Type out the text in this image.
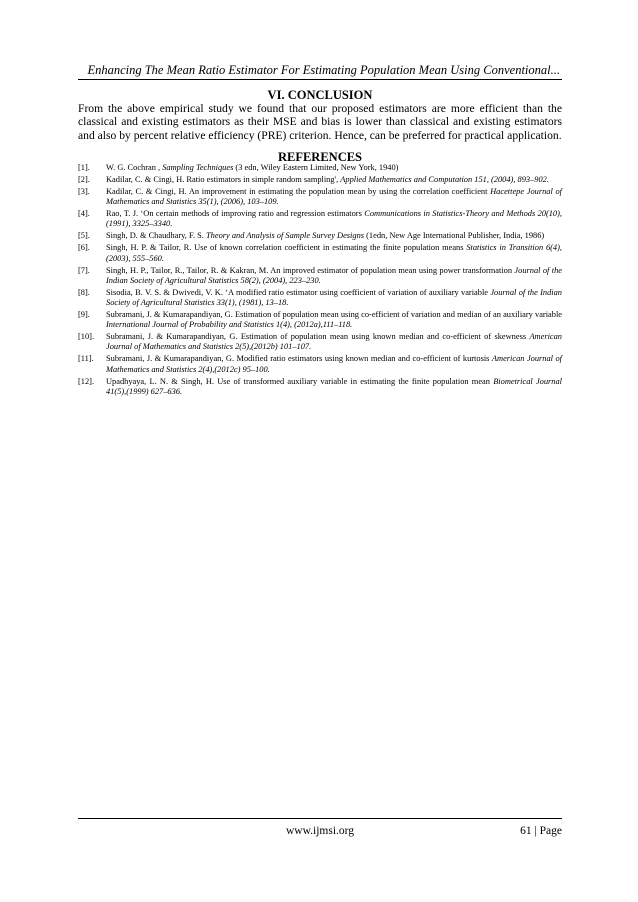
Enhancing The Mean Ratio Estimator For Estimating Population Mean Using Conventional...
VI. CONCLUSION

From the above empirical study we found that our proposed estimators are more efficient than the classical and existing estimators as their MSE and bias is lower than classical and existing estimators and also by percent relative efficiency (PRE) criterion. Hence, can be preferred for practical application.

REFERENCES
[1].	W. G. Cochran , Sampling Techniques (3 edn, Wiley Eastern Limited, New York, 1940)
[2].	Kadilar, C. & Cingi, H. Ratio estimators in simple random sampling', Applied Mathematics and Computation 151, (2004), 893–902.
[3].	Kadilar, C. & Cingi, H. An improvement in estimating the population mean by using the correlation coefficient Hacettepe Journal of Mathematics and Statistics 35(1), (2006), 103–109.
[4].	Rao, T. J. ‘On certain methods of improving ratio and regression estimators Communications in Statistics-Theory and Methods 20(10), (1991), 3325–3340.
[5].	Singh, D. & Chaudhary, F. S. Theory and Analysis of Sample Survey Designs (1edn, New Age International Publisher, India, 1986)
[6].	Singh, H. P. & Tailor, R. Use of known correlation coefficient in estimating the finite population means Statistics in Transition 6(4), (2003), 555–560.
[7].	Singh, H. P., Tailor, R., Tailor, R. & Kakran, M. An improved estimator of population mean using power transformation Journal of the Indian Society of Agricultural Statistics 58(2), (2004), 223–230.
[8].	Sisodia, B. V. S. & Dwivedi, V. K. ‘A modified ratio estimator using coefficient of variation of auxiliary variable Journal of the Indian Society of Agricultural Statistics 33(1), (1981), 13–18.
[9].	Subramani, J. & Kumarapandiyan, G. Estimation of population mean using co-efficient of variation and median of an auxiliary variable International Journal of Probability and Statistics 1(4), (2012a),111–118.
[10].	Subramani, J. & Kumarapandiyan, G. Estimation of population mean using known median and co-efficient of skewness American Journal of Mathematics and Statistics 2(5),(2012b) 101–107.
[11].	Subramani, J. & Kumarapandiyan, G. Modified ratio estimators using known median and co-efficient of kurtosis American Journal of Mathematics and Statistics 2(4),(2012c) 95–100.
[12].	Upadhyaya, L. N. & Singh, H. Use of transformed auxiliary variable in estimating the finite population mean Biometrical Journal 41(5),(1999) 627–636.
www.ijmsi.org	61 | Page
